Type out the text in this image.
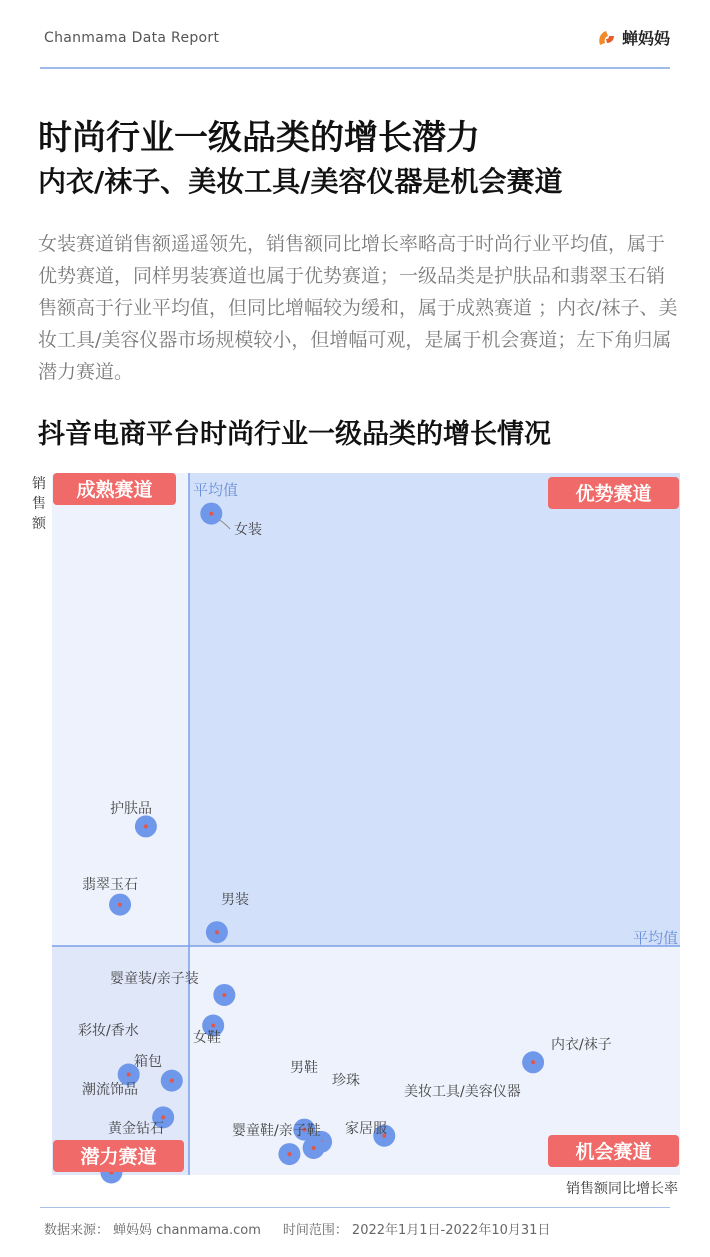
Chanmama Data Report	蝉妈妈
时尚行业一级品类的增长潜力
内衣/袜子、美妆工具/美容仪器是机会赛道
女装赛道销售额遥遥领先，销售额同比增长率略高于时尚行业平均值，属于优势赛道，同样男装赛道也属于优势赛道；一级品类是护肤品和翡翠玉石销售额高于行业平均值，但同比增幅较为缓和，属于成熟赛道 ；内衣/袜子、美妆工具/美容仪器市场规模较小，但增幅可观，是属于机会赛道；左下角归属潜力赛道。
抖音电商平台时尚行业一级品类的增长情况
平均值
平均值
销
售
额
销售额同比增长率
女装
护肤品
翡翠玉石
男装
婴童装/亲子装
女鞋
彩妆/香水
箱包
潮流饰品
黄金钻石
内衣/袜子
美妆工具/美容仪器
男鞋
珍珠
家居服
婴童鞋/亲子鞋
成熟赛道	优势赛道
潜力赛道	机会赛道
数据来源： 蝉妈妈 chanmama.com 时间范围： 2022年1月1日-2022年10月31日
